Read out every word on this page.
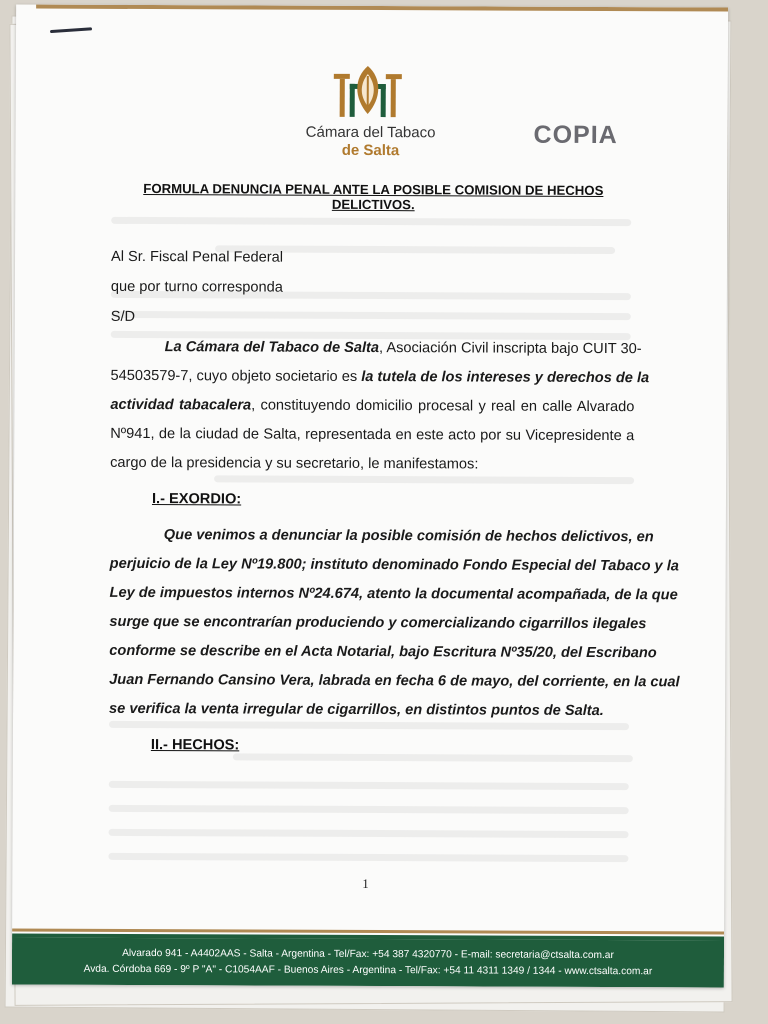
Cámara del Tabaco
de Salta
COPIA
FORMULA DENUNCIA PENAL ANTE LA POSIBLE COMISION DE HECHOS DELICTIVOS.
Al Sr. Fiscal Penal Federal
que por turno corresponda
S/D
La Cámara del Tabaco de Salta, Asociación Civil inscripta bajo CUIT 30-
54503579-7, cuyo objeto societario es la tutela de los intereses y derechos de la
actividad tabacalera, constituyendo domicilio procesal y real en calle Alvarado
Nº941, de la ciudad de Salta, representada en este acto por su Vicepresidente a
cargo de la presidencia y su secretario, le manifestamos:
I.- EXORDIO:
Que venimos a denunciar la posible comisión de hechos delictivos, en
perjuicio de la Ley Nº19.800; instituto denominado Fondo Especial del Tabaco y la
Ley de impuestos internos Nº24.674, atento la documental acompañada, de la que
surge que se encontrarían produciendo y comercializando cigarrillos ilegales
conforme se describe en el Acta Notarial, bajo Escritura Nº35/20, del Escribano
Juan Fernando Cansino Vera, labrada en fecha 6 de mayo, del corriente, en la cual
se verifica la venta irregular de cigarrillos, en distintos puntos de Salta.
II.- HECHOS:
1
Alvarado 941 - A4402AAS - Salta - Argentina - Tel/Fax: +54 387 4320770 - E-mail: secretaria@ctsalta.com.ar
Avda. Córdoba 669 - 9º P "A" - C1054AAF - Buenos Aires - Argentina - Tel/Fax: +54 11 4311 1349 / 1344 - www.ctsalta.com.ar
